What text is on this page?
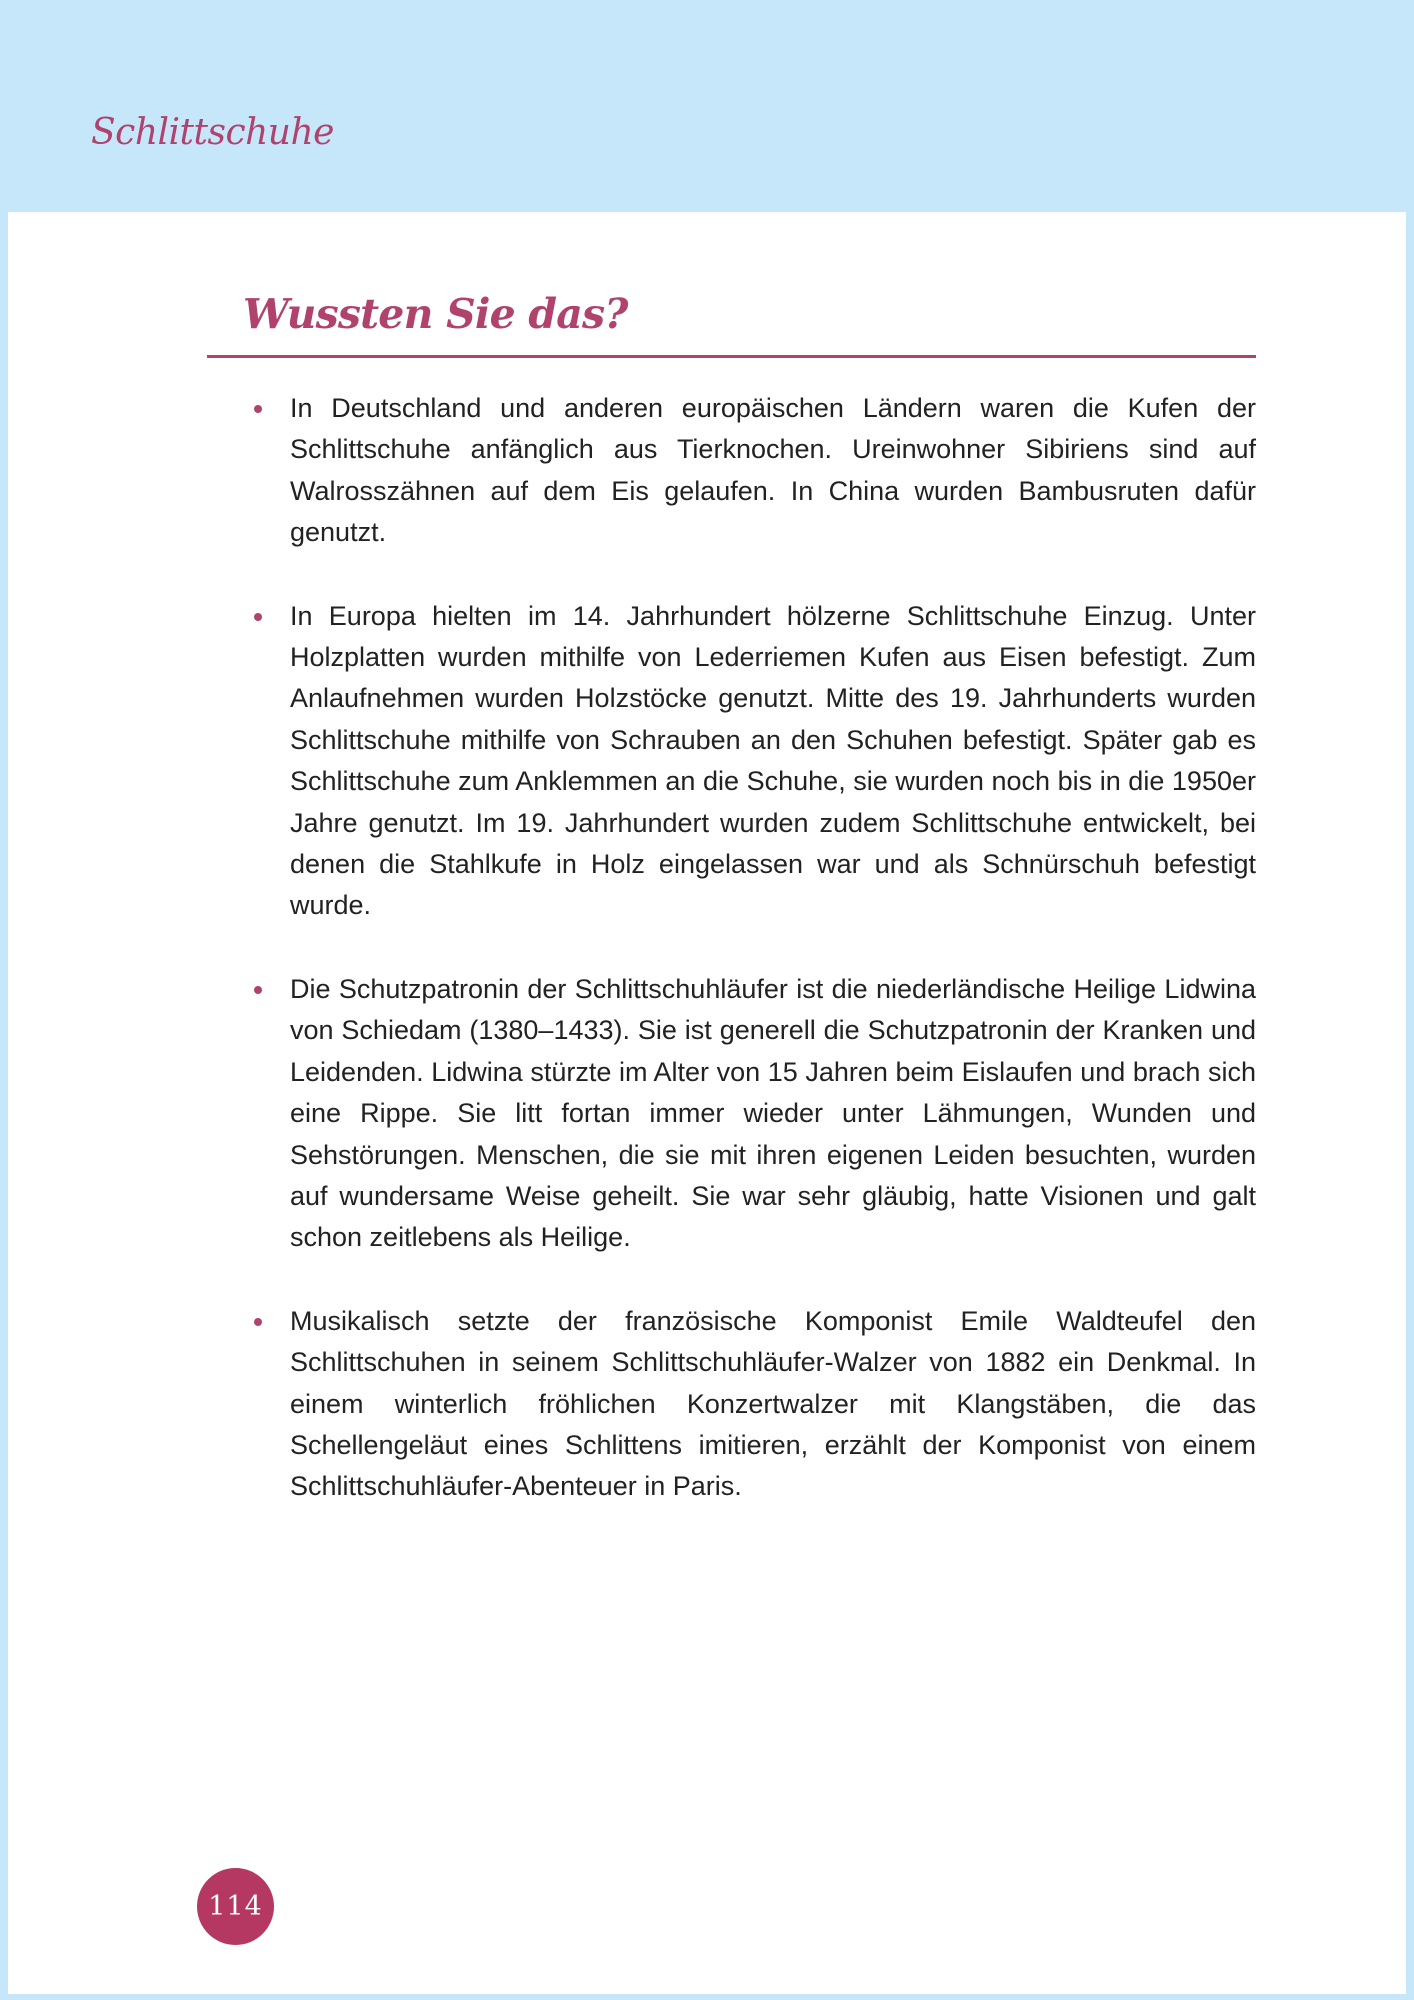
Schlittschuhe
Wussten Sie das?
In Deutschland und anderen europäischen Ländern waren die Kufen der Schlittschuhe anfänglich aus Tierknochen. Ureinwohner Sibiriens sind auf Walrosszähnen auf dem Eis gelaufen. In China wurden Bambusruten dafür genutzt.
In Europa hielten im 14. Jahrhundert hölzerne Schlittschuhe Einzug. Unter Holzplatten wurden mithilfe von Lederriemen Kufen aus Eisen befestigt. Zum Anlaufnehmen wurden Holzstöcke genutzt. Mitte des 19. Jahrhunderts wurden Schlittschuhe mithilfe von Schrauben an den Schuhen befestigt. Später gab es Schlittschuhe zum Anklemmen an die Schuhe, sie wurden noch bis in die 1950er Jahre genutzt. Im 19. Jahrhundert wurden zudem Schlittschuhe entwickelt, bei denen die Stahlkufe in Holz eingelassen war und als Schnürschuh befestigt wurde.
Die Schutzpatronin der Schlittschuhläufer ist die niederländische Heilige Lidwina von Schiedam (1380–1433). Sie ist generell die Schutzpatronin der Kranken und Leidenden. Lidwina stürzte im Alter von 15 Jahren beim Eislaufen und brach sich eine Rippe. Sie litt fortan immer wieder unter Lähmungen, Wunden und Sehstörungen. Menschen, die sie mit ihren eigenen Leiden besuchten, wurden auf wundersame Weise geheilt. Sie war sehr gläubig, hatte Visionen und galt schon zeitlebens als Heilige.
Musikalisch setzte der französische Komponist Emile Waldteufel den Schlittschuhen in seinem Schlittschuhläufer-Walzer von 1882 ein Denkmal. In einem winterlich fröhlichen Konzertwalzer mit Klangstäben, die das Schellengeläut eines Schlittens imitieren, erzählt der Komponist von einem Schlittschuhläufer-Abenteuer in Paris.
114
